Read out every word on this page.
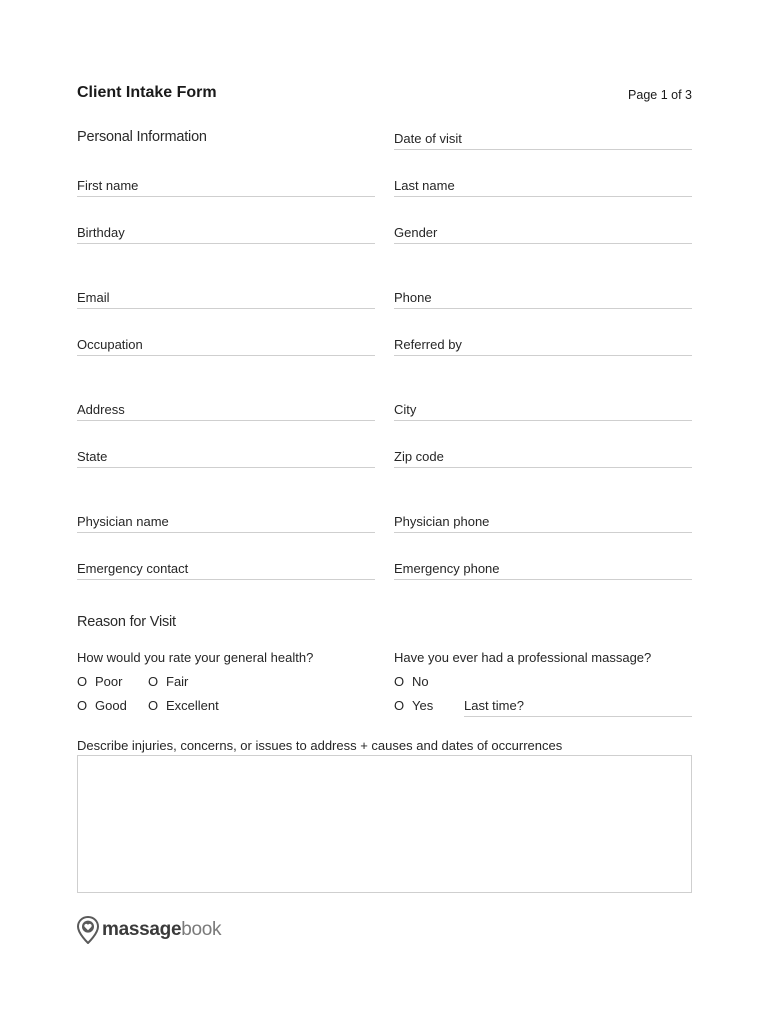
Client Intake Form	Page 1 of 3
Personal Information	Date of visit
First name	Last name
Birthday	Gender
Email	Phone
Occupation	Referred by
Address	City
State	Zip code
Physician name	Physician phone
Emergency contact	Emergency phone
Reason for Visit
How would you rate your general health?	Have you ever had a professional massage?
O Poor O Fair
O Good O Excellent
O No
O Yes Last time?
Describe injuries, concerns, or issues to address + causes and dates of occurrences
massagebook
